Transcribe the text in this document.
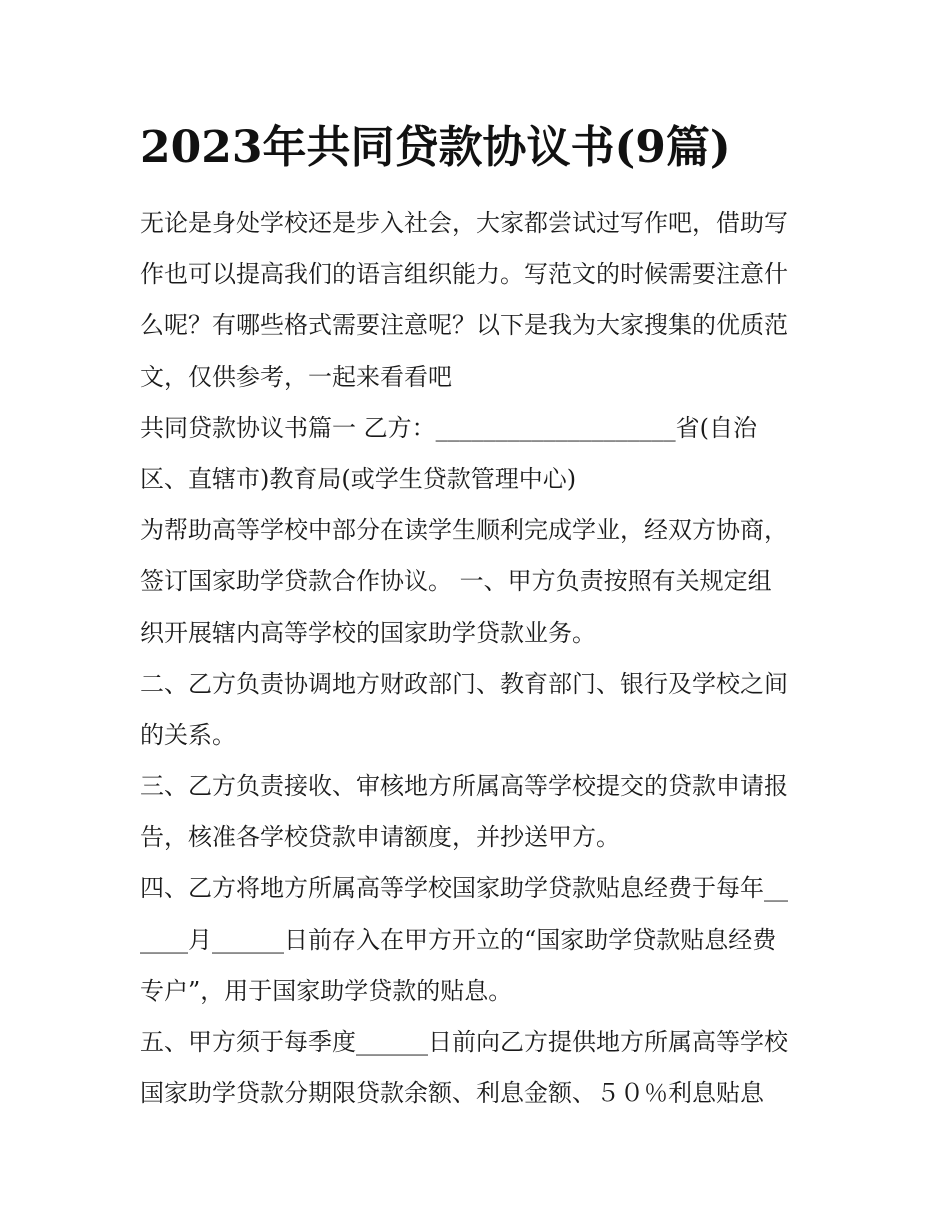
2023年共同贷款协议书(9篇)
无论是身处学校还是步入社会，大家都尝试过写作吧，借助写
作也可以提高我们的语言组织能力。写范文的时候需要注意什
么呢？有哪些格式需要注意呢？以下是我为大家搜集的优质范
文，仅供参考，一起来看看吧
共同贷款协议书篇一 乙方：____________________省(自治
区、直辖市)教育局(或学生贷款管理中心)
为帮助高等学校中部分在读学生顺利完成学业，经双方协商，
签订国家助学贷款合作协议。 一、甲方负责按照有关规定组
织开展辖内高等学校的国家助学贷款业务。
二、乙方负责协调地方财政部门、教育部门、银行及学校之间
的关系。
三、乙方负责接收、审核地方所属高等学校提交的贷款申请报
告，核准各学校贷款申请额度，并抄送甲方。
四、乙方将地方所属高等学校国家助学贷款贴息经费于每年__
____月______日前存入在甲方开立的“国家助学贷款贴息经费
专户”，用于国家助学贷款的贴息。
五、甲方须于每季度______日前向乙方提供地方所属高等学校
国家助学贷款分期限贷款余额、利息金额、５０％利息贴息
